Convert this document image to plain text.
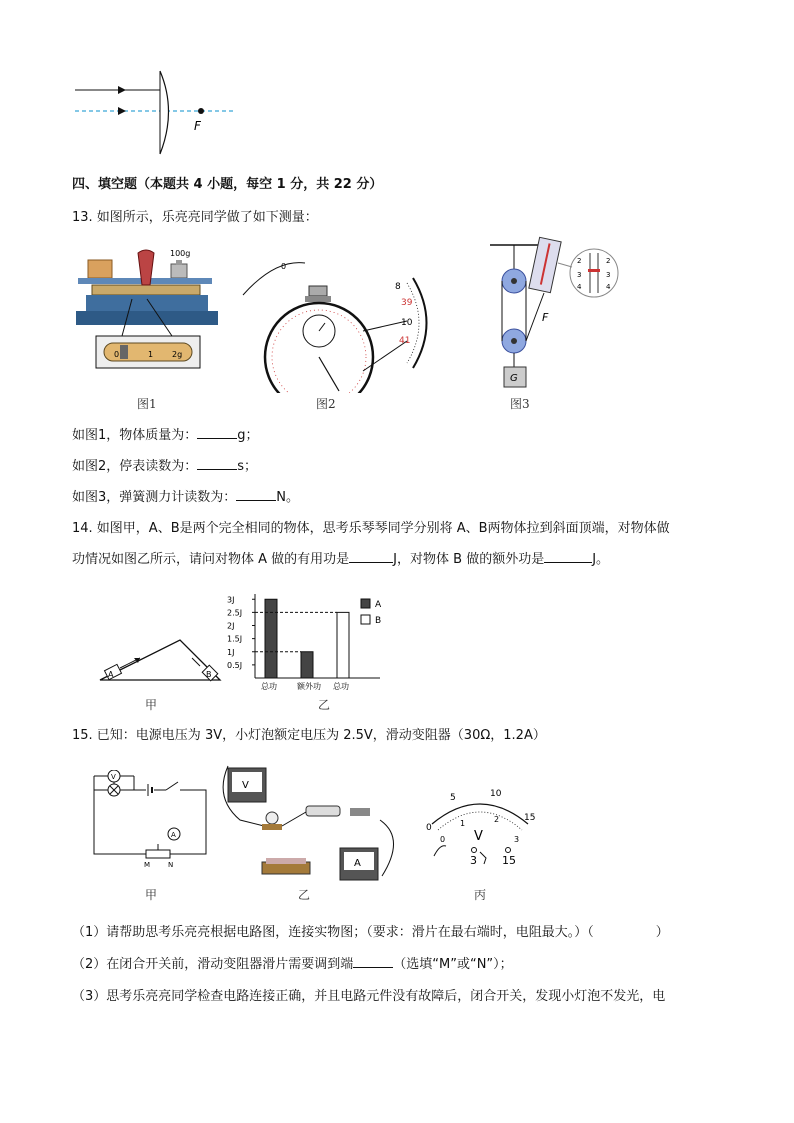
F
四、填空题（本题共 4 小题，每空 1 分，共 22 分）
13. 如图所示，乐亮亮同学做了如下测量：
100g
0	1 2g
图1
0
8
39
10
41
图2
F
G
2
3
4
2
3
4
图3
如图1，物体质量为：	g；
如图2，停表读数为：	s；
如图3，弹簧测力计读数为：	N。
14. 如图甲，A、B是两个完全相同的物体，思考乐琴琴同学分别将 A、B两物体拉到斜面顶端，对物体做
功情况如图乙所示，请问对物体 A 做的有用功是	J，对物体 B 做的额外功是	J。
A	B
甲
3J
2.5J
2J
1.5J
1J
0.5J
总功	额外功 总功
A
B
乙
15. 已知：电源电压为 3V，小灯泡额定电压为 2.5V，滑动变阻器（30Ω，1.2A）
V
A
M	N
甲
V
A
乙
0
5	10
15
0
1	2
3
V
3 15
丙
（1）请帮助思考乐亮亮根据电路图，连接实物图；（要求：滑片在最右端时，电阻最大。）（	）
（2）在闭合开关前，滑动变阻器滑片需要调到端	（选填“M”或“N”）；
（3）思考乐亮亮同学检查电路连接正确，并且电路元件没有故障后，闭合开关，发现小灯泡不发光，电
